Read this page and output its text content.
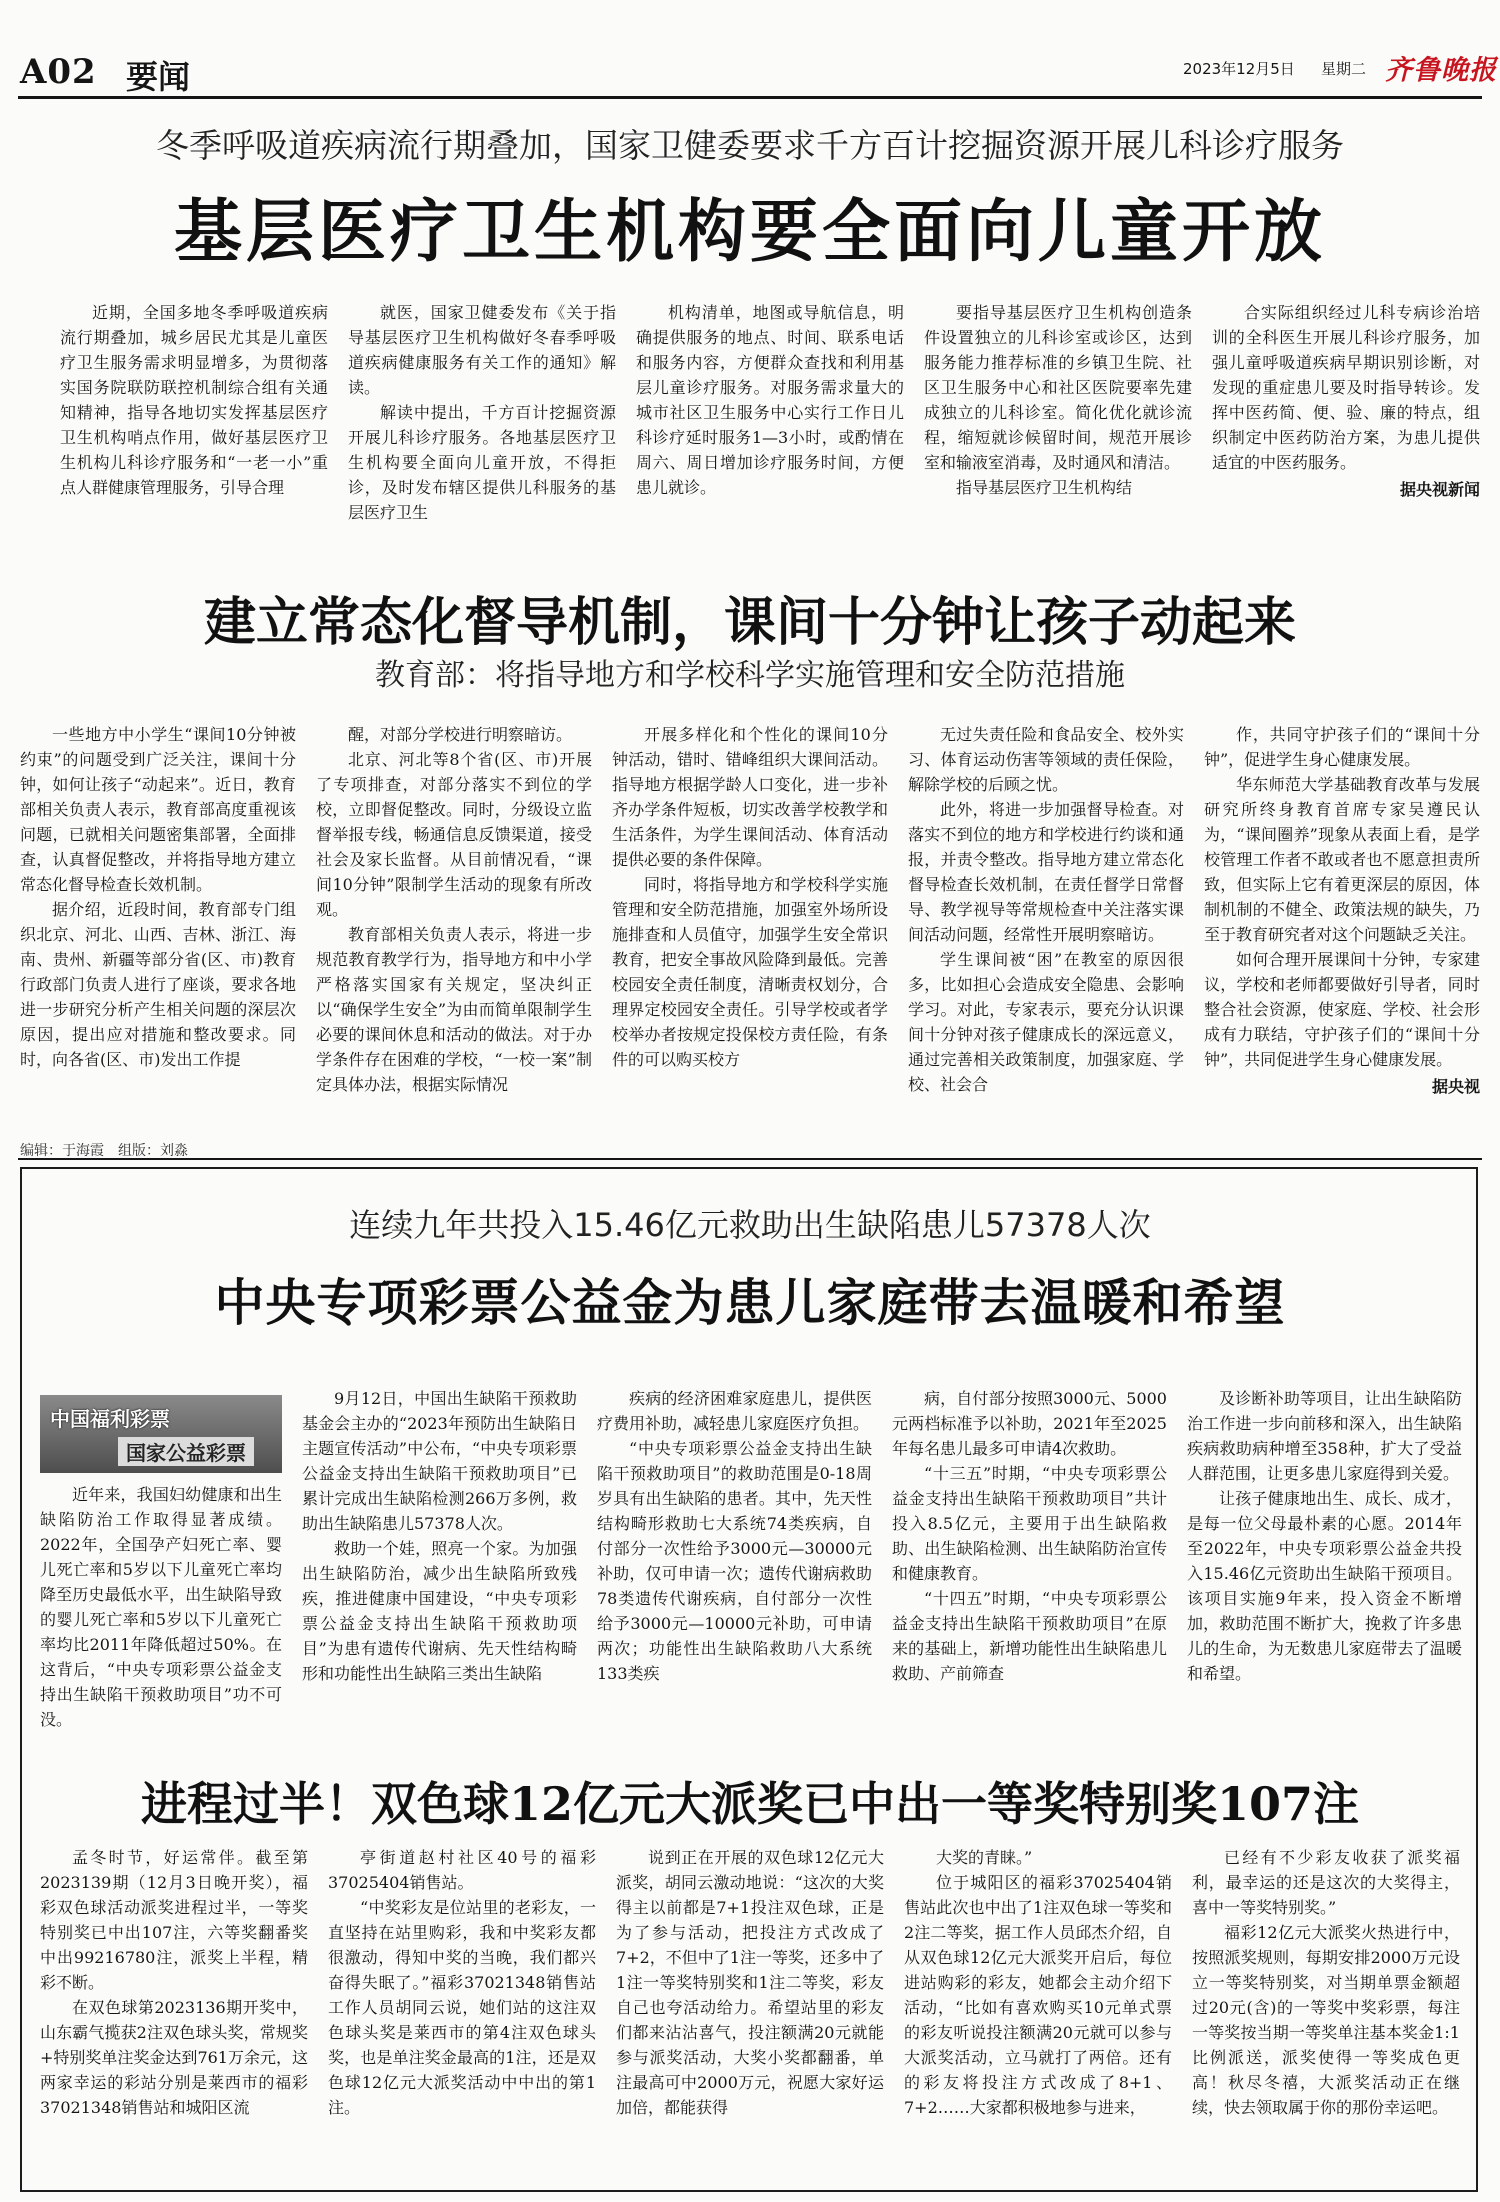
A02 要闻	2023年12月5日 星期二 齐鲁晚报
冬季呼吸道疾病流行期叠加，国家卫健委要求千方百计挖掘资源开展儿科诊疗服务
基层医疗卫生机构要全面向儿童开放

近期，全国多地冬季呼吸道疾病流行期叠加，城乡居民尤其是儿童医疗卫生服务需求明显增多，为贯彻落实国务院联防联控机制综合组有关通知精神，指导各地切实发挥基层医疗卫生机构哨点作用，做好基层医疗卫生机构儿科诊疗服务和“一老一小”重点人群健康管理服务，引导合理

就医，国家卫健委发布《关于指导基层医疗卫生机构做好冬春季呼吸道疾病健康服务有关工作的通知》解读。

解读中提出，千方百计挖掘资源开展儿科诊疗服务。各地基层医疗卫生机构要全面向儿童开放，不得拒诊，及时发布辖区提供儿科服务的基层医疗卫生

机构清单，地图或导航信息，明确提供服务的地点、时间、联系电话和服务内容，方便群众查找和利用基层儿童诊疗服务。对服务需求量大的城市社区卫生服务中心实行工作日儿科诊疗延时服务1—3小时，或酌情在周六、周日增加诊疗服务时间，方便患儿就诊。

要指导基层医疗卫生机构创造条件设置独立的儿科诊室或诊区，达到服务能力推荐标准的乡镇卫生院、社区卫生服务中心和社区医院要率先建成独立的儿科诊室。简化优化就诊流程，缩短就诊候留时间，规范开展诊室和输液室消毒，及时通风和清洁。

指导基层医疗卫生机构结

合实际组织经过儿科专病诊治培训的全科医生开展儿科诊疗服务，加强儿童呼吸道疾病早期识别诊断，对发现的重症患儿要及时指导转诊。发挥中医药简、便、验、廉的特点，组织制定中医药防治方案，为患儿提供适宜的中医药服务。

据央视新闻
建立常态化督导机制，课间十分钟让孩子动起来
教育部：将指导地方和学校科学实施管理和安全防范措施

一些地方中小学生“课间10分钟被约束”的问题受到广泛关注，课间十分钟，如何让孩子“动起来”。近日，教育部相关负责人表示，教育部高度重视该问题，已就相关问题密集部署，全面排查，认真督促整改，并将指导地方建立常态化督导检查长效机制。

据介绍，近段时间，教育部专门组织北京、河北、山西、吉林、浙江、海南、贵州、新疆等部分省(区、市)教育行政部门负责人进行了座谈，要求各地进一步研究分析产生相关问题的深层次原因，提出应对措施和整改要求。同时，向各省(区、市)发出工作提

醒，对部分学校进行明察暗访。

北京、河北等8个省(区、市)开展了专项排查，对部分落实不到位的学校，立即督促整改。同时，分级设立监督举报专线，畅通信息反馈渠道，接受社会及家长监督。从目前情况看，“课间10分钟”限制学生活动的现象有所改观。

教育部相关负责人表示，将进一步规范教育教学行为，指导地方和中小学严格落实国家有关规定，坚决纠正以“确保学生安全”为由而简单限制学生必要的课间休息和活动的做法。对于办学条件存在困难的学校，“一校一案”制定具体办法，根据实际情况

开展多样化和个性化的课间10分钟活动，错时、错峰组织大课间活动。指导地方根据学龄人口变化，进一步补齐办学条件短板，切实改善学校教学和生活条件，为学生课间活动、体育活动提供必要的条件保障。

同时，将指导地方和学校科学实施管理和安全防范措施，加强室外场所设施排查和人员值守，加强学生安全常识教育，把安全事故风险降到最低。完善校园安全责任制度，清晰责权划分，合理界定校园安全责任。引导学校或者学校举办者按规定投保校方责任险，有条件的可以购买校方

无过失责任险和食品安全、校外实习、体育运动伤害等领域的责任保险，解除学校的后顾之忧。

此外，将进一步加强督导检查。对落实不到位的地方和学校进行约谈和通报，并责令整改。指导地方建立常态化督导检查长效机制，在责任督学日常督导、教学视导等常规检查中关注落实课间活动问题，经常性开展明察暗访。

学生课间被“困”在教室的原因很多，比如担心会造成安全隐患、会影响学习。对此，专家表示，要充分认识课间十分钟对孩子健康成长的深远意义，通过完善相关政策制度，加强家庭、学校、社会合

作，共同守护孩子们的“课间十分钟”，促进学生身心健康发展。

华东师范大学基础教育改革与发展研究所终身教育首席专家吴遵民认为，“课间圈养”现象从表面上看，是学校管理工作者不敢或者也不愿意担责所致，但实际上它有着更深层的原因，体制机制的不健全、政策法规的缺失，乃至于教育研究者对这个问题缺乏关注。

如何合理开展课间十分钟，专家建议，学校和老师都要做好引导者，同时整合社会资源，使家庭、学校、社会形成有力联结，守护孩子们的“课间十分钟”，共同促进学生身心健康发展。

据央视
编辑：于海霞　组版：刘淼
连续九年共投入15.46亿元救助出生缺陷患儿57378人次
中央专项彩票公益金为患儿家庭带去温暖和希望
中国福利彩票
国家公益彩票

近年来，我国妇幼健康和出生缺陷防治工作取得显著成绩。2022年，全国孕产妇死亡率、婴儿死亡率和5岁以下儿童死亡率均降至历史最低水平，出生缺陷导致的婴儿死亡率和5岁以下儿童死亡率均比2011年降低超过50%。在这背后，“中央专项彩票公益金支持出生缺陷干预救助项目”功不可没。

9月12日，中国出生缺陷干预救助基金会主办的“2023年预防出生缺陷日主题宣传活动”中公布，“中央专项彩票公益金支持出生缺陷干预救助项目”已累计完成出生缺陷检测266万多例，救助出生缺陷患儿57378人次。

救助一个娃，照亮一个家。为加强出生缺陷防治，减少出生缺陷所致残疾，推进健康中国建设，“中央专项彩票公益金支持出生缺陷干预救助项目”为患有遗传代谢病、先天性结构畸形和功能性出生缺陷三类出生缺陷

疾病的经济困难家庭患儿，提供医疗费用补助，减轻患儿家庭医疗负担。

“中央专项彩票公益金支持出生缺陷干预救助项目”的救助范围是0-18周岁具有出生缺陷的患者。其中，先天性结构畸形救助七大系统74类疾病，自付部分一次性给予3000元—30000元补助，仅可申请一次；遗传代谢病救助78类遗传代谢疾病，自付部分一次性给予3000元—10000元补助，可申请两次；功能性出生缺陷救助八大系统133类疾

病，自付部分按照3000元、5000元两档标准予以补助，2021年至2025年每名患儿最多可申请4次救助。

“十三五”时期，“中央专项彩票公益金支持出生缺陷干预救助项目”共计投入8.5亿元，主要用于出生缺陷救助、出生缺陷检测、出生缺陷防治宣传和健康教育。

“十四五”时期，“中央专项彩票公益金支持出生缺陷干预救助项目”在原来的基础上，新增功能性出生缺陷患儿救助、产前筛查

及诊断补助等项目，让出生缺陷防治工作进一步向前移和深入，出生缺陷疾病救助病种增至358种，扩大了受益人群范围，让更多患儿家庭得到关爱。

让孩子健康地出生、成长、成才，是每一位父母最朴素的心愿。2014年至2022年，中央专项彩票公益金共投入15.46亿元资助出生缺陷干预项目。该项目实施9年来，投入资金不断增加，救助范围不断扩大，挽救了许多患儿的生命，为无数患儿家庭带去了温暖和希望。

进程过半！双色球12亿元大派奖已中出一等奖特别奖107注

孟冬时节，好运常伴。截至第2023139期（12月3日晚开奖），福彩双色球活动派奖进程过半，一等奖特别奖已中出107注，六等奖翻番奖中出99216780注，派奖上半程，精彩不断。

在双色球第2023136期开奖中，山东霸气揽获2注双色球头奖，常规奖+特别奖单注奖金达到761万余元，这两家幸运的彩站分别是莱西市的福彩37021348销售站和城阳区流

亭街道赵村社区40号的福彩37025404销售站。

“中奖彩友是位站里的老彩友，一直坚持在站里购彩，我和中奖彩友都很激动，得知中奖的当晚，我们都兴奋得失眠了。”福彩37021348销售站工作人员胡同云说，她们站的这注双色球头奖是莱西市的第4注双色球头奖，也是单注奖金最高的1注，还是双色球12亿元大派奖活动中中出的第1注。

说到正在开展的双色球12亿元大派奖，胡同云激动地说：“这次的大奖得主以前都是7+1投注双色球，正是为了参与活动，把投注方式改成了7+2，不但中了1注一等奖，还多中了1注一等奖特别奖和1注二等奖，彩友自己也夸活动给力。希望站里的彩友们都来沾沾喜气，投注额满20元就能参与派奖活动，大奖小奖都翻番，单注最高可中2000万元，祝愿大家好运加倍，都能获得

大奖的青睐。”

位于城阳区的福彩37025404销售站此次也中出了1注双色球一等奖和2注二等奖，据工作人员邱杰介绍，自从双色球12亿元大派奖开启后，每位进站购彩的彩友，她都会主动介绍下活动，“比如有喜欢购买10元单式票的彩友听说投注额满20元就可以参与大派奖活动，立马就打了两倍。还有的彩友将投注方式改成了8+1、7+2……大家都积极地参与进来，

已经有不少彩友收获了派奖福利，最幸运的还是这次的大奖得主，喜中一等奖特别奖。”

福彩12亿元大派奖火热进行中，按照派奖规则，每期安排2000万元设立一等奖特别奖，对当期单票金额超过20元(含)的一等奖中奖彩票，每注一等奖按当期一等奖单注基本奖金1:1比例派送，派奖使得一等奖成色更高！秋尽冬禧，大派奖活动正在继续，快去领取属于你的那份幸运吧。
